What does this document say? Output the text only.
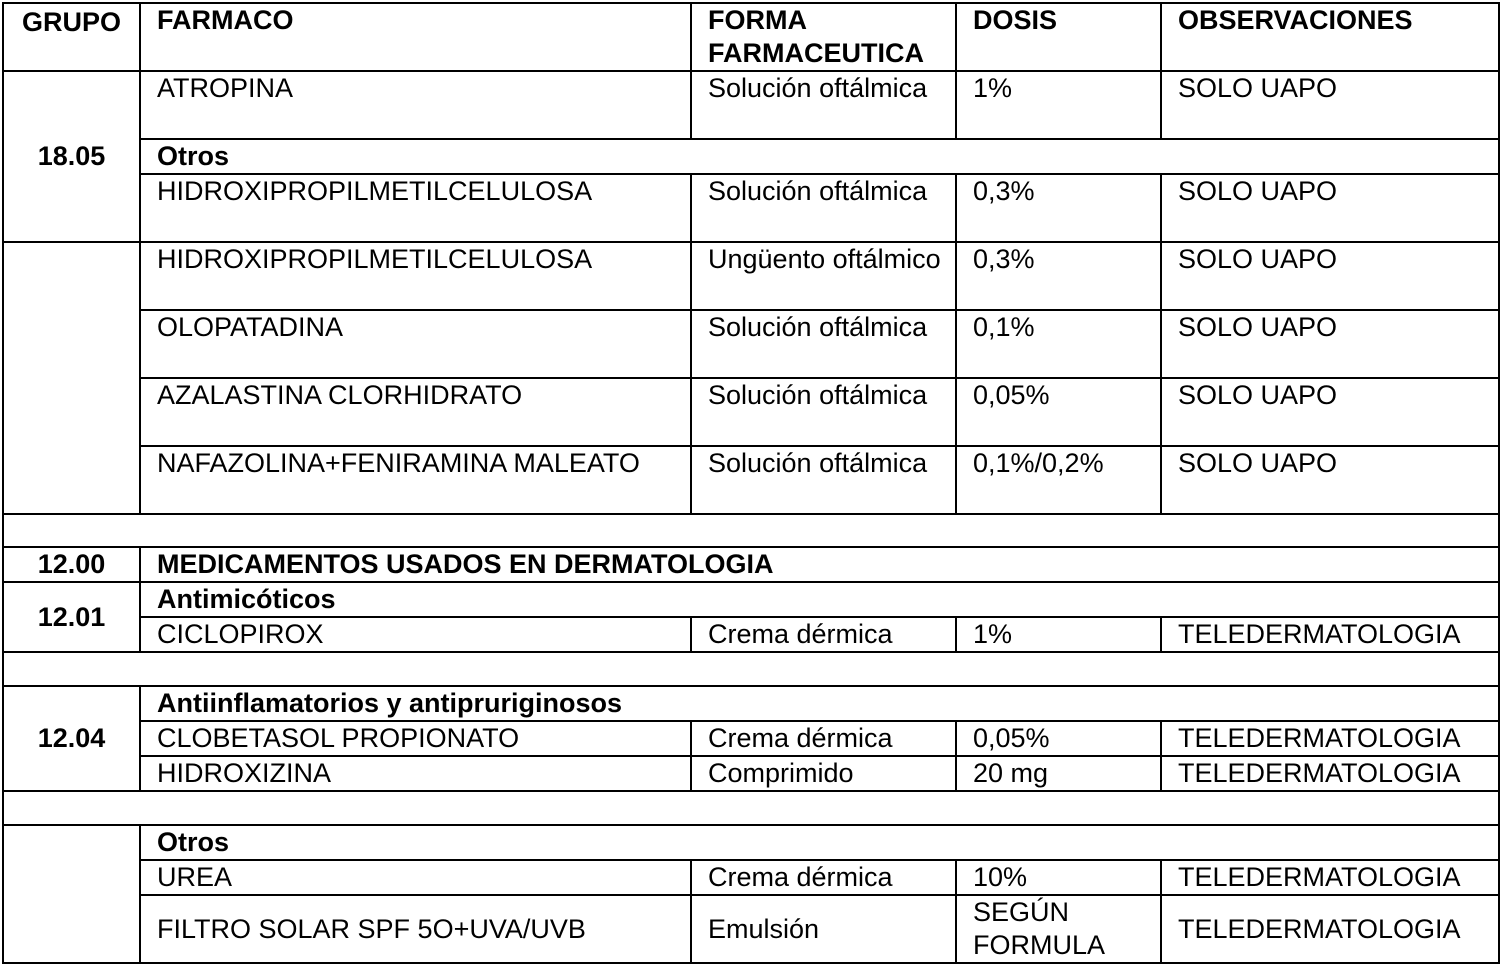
GRUPO	FARMACO	FORMA FARMACEUTICA	DOSIS	OBSERVACIONES
18.05	ATROPINA	Solución oftálmica	1%	SOLO UAPO
	Otros			
	HIDROXIPROPILMETILCELULOSA	Solución oftálmica	0,3%	SOLO UAPO
	HIDROXIPROPILMETILCELULOSA	Ungüento oftálmico	0,3%	SOLO UAPO
	OLOPATADINA	Solución oftálmica	0,1%	SOLO UAPO
	AZALASTINA CLORHIDRATO	Solución oftálmica	0,05%	SOLO UAPO
	NAFAZOLINA+FENIRAMINA MALEATO	Solución oftálmica	0,1%/0,2%	SOLO UAPO

12.00	MEDICAMENTOS USADOS EN DERMATOLOGIA			
12.01	Antimicóticos			
	CICLOPIROX	Crema dérmica	1%	TELEDERMATOLOGIA

12.04	Antiinflamatorios y antipruriginosos			
	CLOBETASOL PROPIONATO	Crema dérmica	0,05%	TELEDERMATOLOGIA
	HIDROXIZINA	Comprimido	20 mg	TELEDERMATOLOGIA

	Otros			
	UREA	Crema dérmica	10%	TELEDERMATOLOGIA
	FILTRO SOLAR SPF 5O+UVA/UVB	Emulsión	SEGÚN FORMULA	TELEDERMATOLOGIA
